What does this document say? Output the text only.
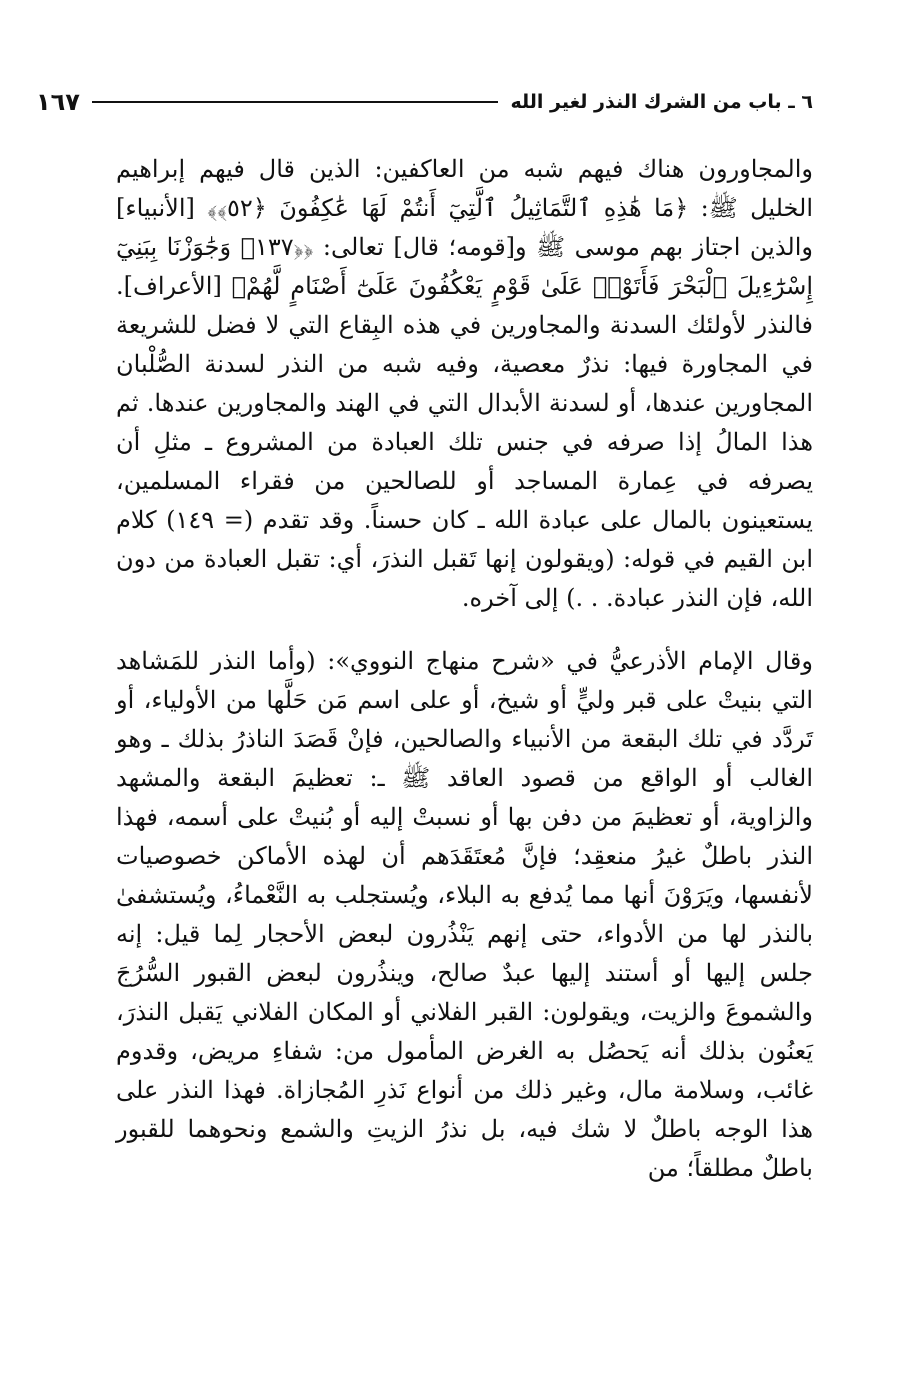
٦ ـ باب من الشرك النذر لغير الله
١٦٧

والمجاورون هناك فيهم شبه من العاكفين: الذين قال فيهم إبراهيم الخليل ﷺ: ﴿مَا هَٰذِهِ ٱلتَّمَاثِيلُ ٱلَّتِيٓ أَنتُمْ لَهَا عَٰكِفُونَ ﴿٥٢﴾﴾ [الأنبياء] والذين اجتاز بهم موسى ﷺ و[قومه؛ قال] تعالى: ﴿﴿١٣٧﴾ وَجَٰوَزْنَا بِبَنِيٓ إِسْرَٰٓءِيلَ ٱلْبَحْرَ فَأَتَوْا۟ عَلَىٰ قَوْمٍ يَعْكُفُونَ عَلَىٰٓ أَصْنَامٍ لَّهُمْ﴾ [الأعراف]. فالنذر لأولئك السدنة والمجاورين في هذه البِقاع التي لا فضل للشريعة في المجاورة فيها: نذرٌ معصية، وفيه شبه من النذر لسدنة الصُّلْبان المجاورين عندها، أو لسدنة الأبدال التي في الهند والمجاورين عندها. ثم هذا المالُ إذا صرفه في جنس تلك العبادة من المشروع ـ مثلِ أن يصرفه في عِمارة المساجد أو للصالحين من فقراء المسلمين، يستعينون بالمال على عبادة الله ـ كان حسناً. وقد تقدم (= ١٤٩) كلام ابن القيم في قوله: (ويقولون إنها تَقبل النذرَ، أي: تقبل العبادة من دون الله، فإن النذر عبادة. . .) إلى آخره.

وقال الإمام الأذرعيُّ في «شرح منهاج النووي»: (وأما النذر للمَشاهد التي بنيتْ على قبر وليٍّ أو شيخ، أو على اسم مَن حَلَّها من الأولياء، أو تَردَّد في تلك البقعة من الأنبياء والصالحين، فإنْ قَصَدَ الناذرُ بذلك ـ وهو الغالب أو الواقع من قصود العاقد ﷺ ـ: تعظيمَ البقعة والمشهد والزاوية، أو تعظيمَ من دفن بها أو نسبتْ إليه أو بُنيتْ على أسمه، فهذا النذر باطلٌ غيرُ منعقِد؛ فإنَّ مُعتَقَدَهم أن لهذه الأماكن خصوصيات لأنفسها، ويَرَوْنَ أنها مما يُدفع به البلاء، ويُستجلب به النَّعْماءُ، ويُستشفىٰ بالنذر لها من الأدواء، حتى إنهم يَنْذُرون لبعض الأحجار لِما قيل: إنه جلس إليها أو أستند إليها عبدٌ صالح، وينذُرون لبعض القبور السُّرُجَ والشموعَ والزيت، ويقولون: القبر الفلاني أو المكان الفلاني يَقبل النذرَ، يَعنُون بذلك أنه يَحصُل به الغرض المأمول من: شفاءِ مريض، وقدوم غائب، وسلامة مال، وغير ذلك من أنواع نَذرِ المُجازاة. فهذا النذر على هذا الوجه باطلٌ لا شك فيه، بل نذرُ الزيتِ والشمع ونحوهما للقبور باطلٌ مطلقاً؛ من
